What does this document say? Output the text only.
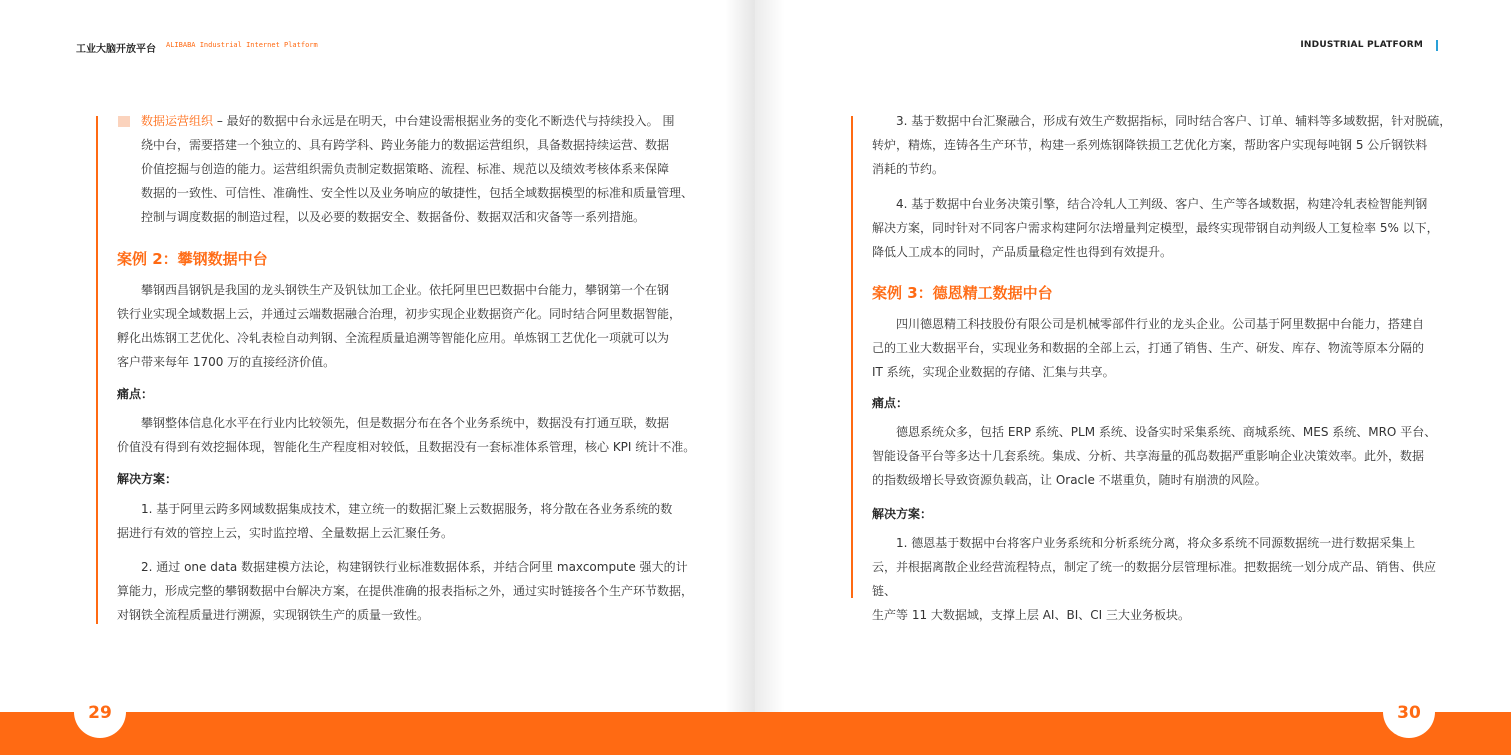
工业大脑开放平台 ALIBABA Industrial Internet Platform

数据运营组织 – 最好的数据中台永远是在明天，中台建设需根据业务的变化不断迭代与持续投入。 围

绕中台，需要搭建一个独立的、具有跨学科、跨业务能力的数据运营组织，具备数据持续运营、数据

价值挖掘与创造的能力。运营组织需负责制定数据策略、流程、标准、规范以及绩效考核体系来保障

数据的一致性、可信性、准确性、安全性以及业务响应的敏捷性，包括全域数据模型的标准和质量管理、

控制与调度数据的制造过程，以及必要的数据安全、数据备份、数据双活和灾备等一系列措施。

案例 2：攀钢数据中台

攀钢西昌钢钒是我国的龙头钢铁生产及钒钛加工企业。依托阿里巴巴数据中台能力，攀钢第一个在钢

铁行业实现全域数据上云，并通过云端数据融合治理，初步实现企业数据资产化。同时结合阿里数据智能，

孵化出炼钢工艺优化、冷轧表检自动判钢、全流程质量追溯等智能化应用。单炼钢工艺优化一项就可以为

客户带来每年 1700 万的直接经济价值。

痛点：

攀钢整体信息化水平在行业内比较领先，但是数据分布在各个业务系统中，数据没有打通互联，数据

价值没有得到有效挖掘体现，智能化生产程度相对较低，且数据没有一套标准体系管理，核心 KPI 统计不准。

解决方案：

1. 基于阿里云跨多网域数据集成技术，建立统一的数据汇聚上云数据服务，将分散在各业务系统的数

据进行有效的管控上云，实时监控增、全量数据上云汇聚任务。

2. 通过 one data 数据建模方法论，构建钢铁行业标准数据体系，并结合阿里 maxcompute 强大的计

算能力，形成完整的攀钢数据中台解决方案，在提供准确的报表指标之外，通过实时链接各个生产环节数据，

对钢铁全流程质量进行溯源，实现钢铁生产的质量一致性。

INDUSTRIAL PLATFORM

3. 基于数据中台汇聚融合，形成有效生产数据指标，同时结合客户、订单、辅料等多域数据，针对脱硫，

转炉，精炼，连铸各生产环节，构建一系列炼钢降铁损工艺优化方案，帮助客户实现每吨钢 5 公斤钢铁料

消耗的节约。

4. 基于数据中台业务决策引擎，结合冷轧人工判级、客户、生产等各域数据，构建冷轧表检智能判钢

解决方案，同时针对不同客户需求构建阿尔法增量判定模型，最终实现带钢自动判级人工复检率 5% 以下，

降低人工成本的同时，产品质量稳定性也得到有效提升。

案例 3：德恩精工数据中台

四川德恩精工科技股份有限公司是机械零部件行业的龙头企业。公司基于阿里数据中台能力，搭建自

己的工业大数据平台，实现业务和数据的全部上云，打通了销售、生产、研发、库存、物流等原本分隔的

IT 系统，实现企业数据的存储、汇集与共享。

痛点：

德恩系统众多，包括 ERP 系统、PLM 系统、设备实时采集系统、商城系统、MES 系统、MRO 平台、

智能设备平台等多达十几套系统。集成、分析、共享海量的孤岛数据严重影响企业决策效率。此外，数据

的指数级增长导致资源负载高，让 Oracle 不堪重负，随时有崩溃的风险。

解决方案：

1. 德恩基于数据中台将客户业务系统和分析系统分离，将众多系统不同源数据统一进行数据采集上

云，并根据离散企业经营流程特点，制定了统一的数据分层管理标准。把数据统一划分成产品、销售、供应链、

生产等 11 大数据域，支撑上层 AI、BI、CI 三大业务板块。

29	30
